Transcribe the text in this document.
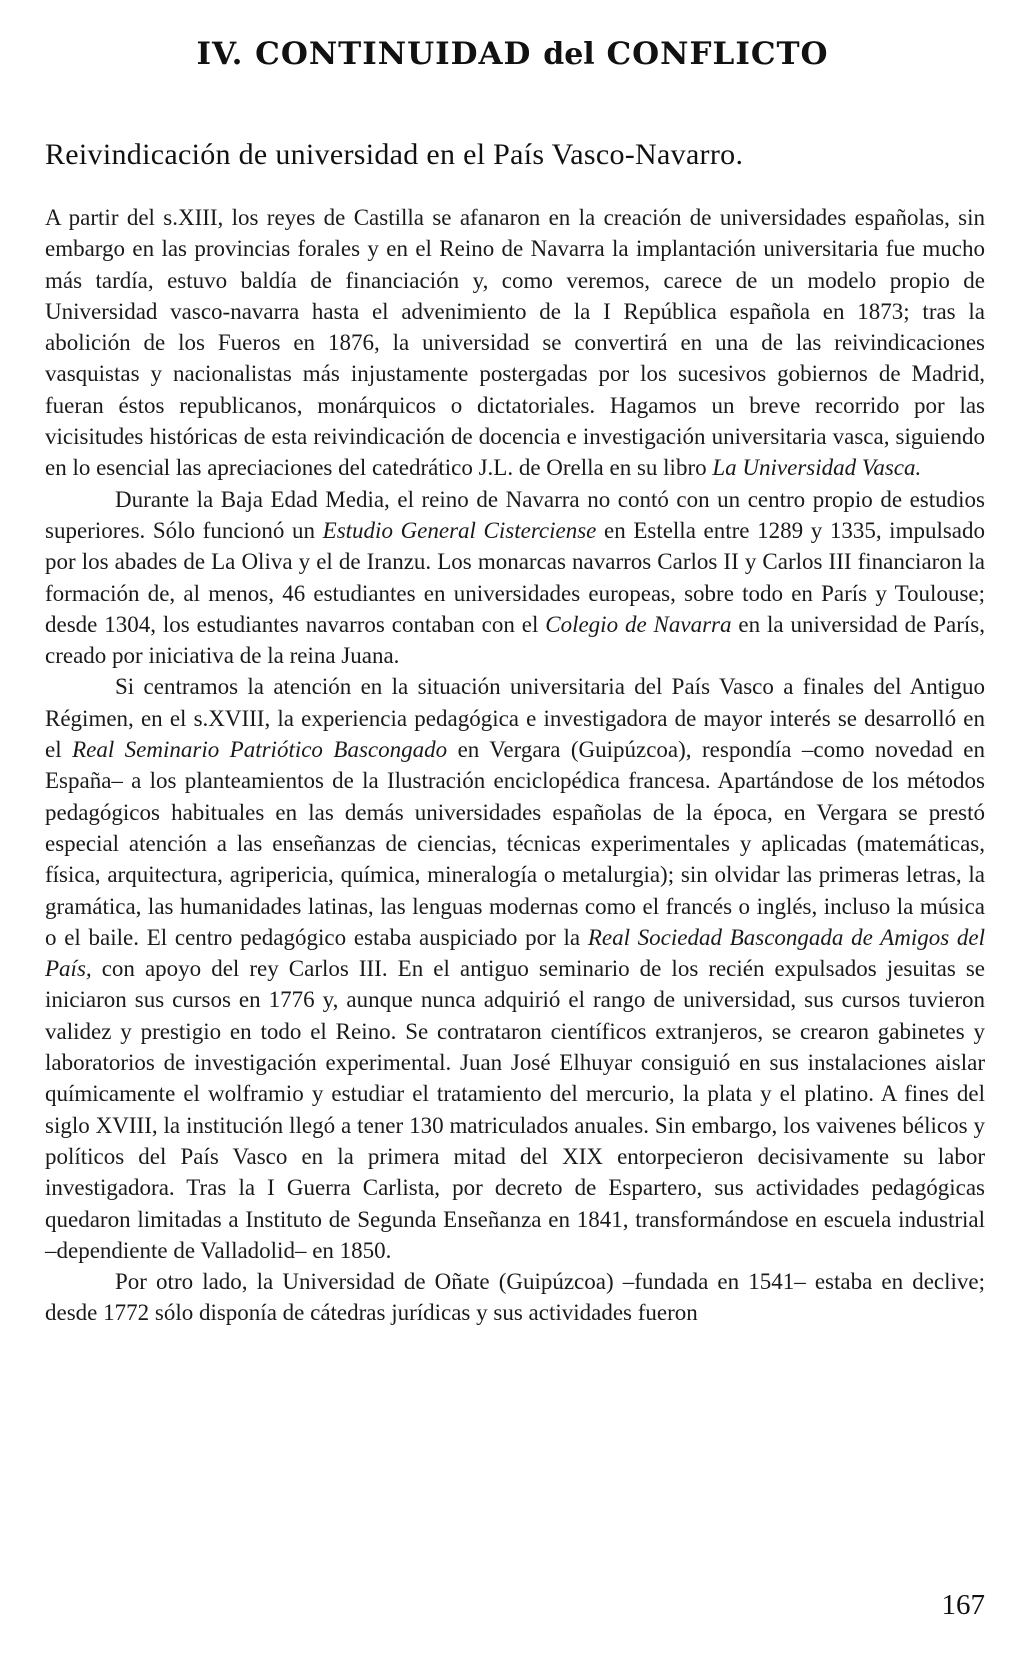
IV. CONTINUIDAD del CONFLICTO
Reivindicación de universidad en el País Vasco-Navarro.

A partir del s.XIII, los reyes de Castilla se afanaron en la creación de universidades españolas, sin embargo en las provincias forales y en el Reino de Navarra la implantación universitaria fue mucho más tardía, estuvo baldía de financiación y, como veremos, carece de un modelo propio de Universidad vasco-navarra hasta el advenimiento de la I República española en 1873; tras la abolición de los Fueros en 1876, la universidad se convertirá en una de las reivindicaciones vasquistas y nacionalistas más injustamente postergadas por los sucesivos gobiernos de Madrid, fueran éstos republicanos, monárquicos o dictatoriales. Hagamos un breve recorrido por las vicisitudes históricas de esta reivindicación de docencia e investigación universitaria vasca, siguiendo en lo esencial las apreciaciones del catedrático J.L. de Orella en su libro La Universidad Vasca.

Durante la Baja Edad Media, el reino de Navarra no contó con un centro propio de estudios superiores. Sólo funcionó un Estudio General Cisterciense en Estella entre 1289 y 1335, impulsado por los abades de La Oliva y el de Iranzu. Los monarcas navarros Carlos II y Carlos III financiaron la formación de, al menos, 46 estudiantes en universidades europeas, sobre todo en París y Toulouse; desde 1304, los estudiantes navarros contaban con el Colegio de Navarra en la universidad de París, creado por iniciativa de la reina Juana.

Si centramos la atención en la situación universitaria del País Vasco a finales del Antiguo Régimen, en el s.XVIII, la experiencia pedagógica e investigadora de mayor interés se desarrolló en el Real Seminario Patriótico Bascongado en Vergara (Guipúzcoa), respondía –como novedad en España– a los planteamientos de la Ilustración enciclopédica francesa. Apartándose de los métodos pedagógicos habituales en las demás universidades españolas de la época, en Vergara se prestó especial atención a las enseñanzas de ciencias, técnicas experimentales y aplicadas (matemáticas, física, arquitectura, agripericia, química, mineralogía o metalurgia); sin olvidar las primeras letras, la gramática, las humanidades latinas, las lenguas modernas como el francés o inglés, incluso la música o el baile. El centro pedagógico estaba auspiciado por la Real Sociedad Bascongada de Amigos del País, con apoyo del rey Carlos III. En el antiguo seminario de los recién expulsados jesuitas se iniciaron sus cursos en 1776 y, aunque nunca adquirió el rango de universidad, sus cursos tuvieron validez y prestigio en todo el Reino. Se contrataron científicos extranjeros, se crearon gabinetes y laboratorios de investigación experimental. Juan José Elhuyar consiguió en sus instalaciones aislar químicamente el wolframio y estudiar el tratamiento del mercurio, la plata y el platino. A fines del siglo XVIII, la institución llegó a tener 130 matriculados anuales. Sin embargo, los vaivenes bélicos y políticos del País Vasco en la primera mitad del XIX entorpecieron decisivamente su labor investigadora. Tras la I Guerra Carlista, por decreto de Espartero, sus actividades pedagógicas quedaron limitadas a Instituto de Segunda Enseñanza en 1841, transformándose en escuela industrial –dependiente de Valladolid– en 1850.

Por otro lado, la Universidad de Oñate (Guipúzcoa) –fundada en 1541– estaba en declive; desde 1772 sólo disponía de cátedras jurídicas y sus actividades fueron

167
